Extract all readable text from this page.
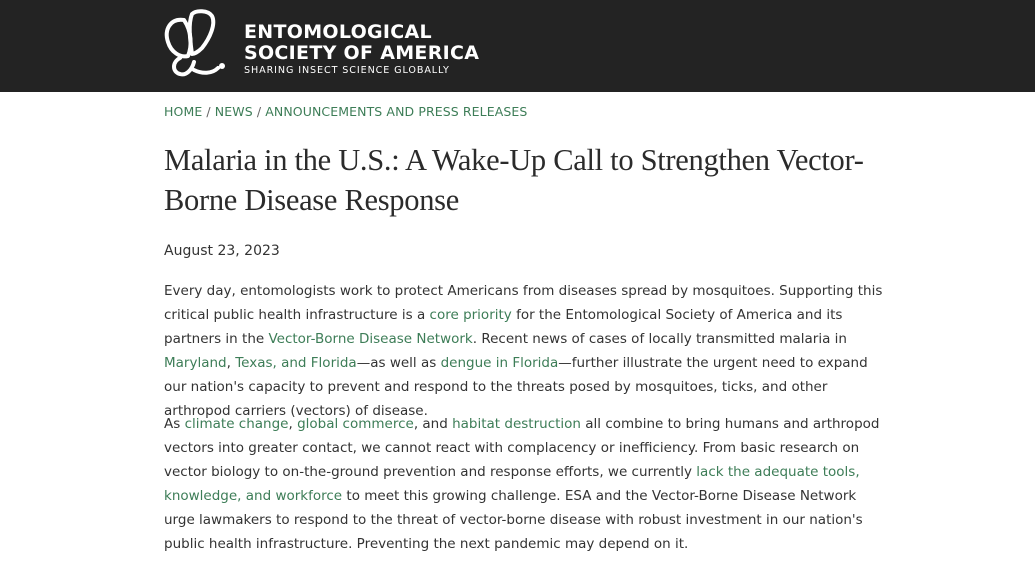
ENTOMOLOGICAL
SOCIETY OF AMERICA
SHARING INSECT SCIENCE GLOBALLY
HOME / NEWS / ANNOUNCEMENTS AND PRESS RELEASES
Malaria in the U.S.: A Wake-Up Call to Strengthen Vector-Borne Disease Response
August 23, 2023

Every day, entomologists work to protect Americans from diseases spread by mosquitoes. Supporting this critical public health infrastructure is a core priority for the Entomological Society of America and its partners in the Vector-Borne Disease Network. Recent news of cases of locally transmitted malaria in Maryland, Texas, and Florida—as well as dengue in Florida—further illustrate the urgent need to expand our nation's capacity to prevent and respond to the threats posed by mosquitoes, ticks, and other arthropod carriers (vectors) of disease.

As climate change, global commerce, and habitat destruction all combine to bring humans and arthropod vectors into greater contact, we cannot react with complacency or inefficiency. From basic research on vector biology to on-the-ground prevention and response efforts, we currently lack the adequate tools, knowledge, and workforce to meet this growing challenge. ESA and the Vector-Borne Disease Network urge lawmakers to respond to the threat of vector-borne disease with robust investment in our nation's public health infrastructure. Preventing the next pandemic may depend on it.
